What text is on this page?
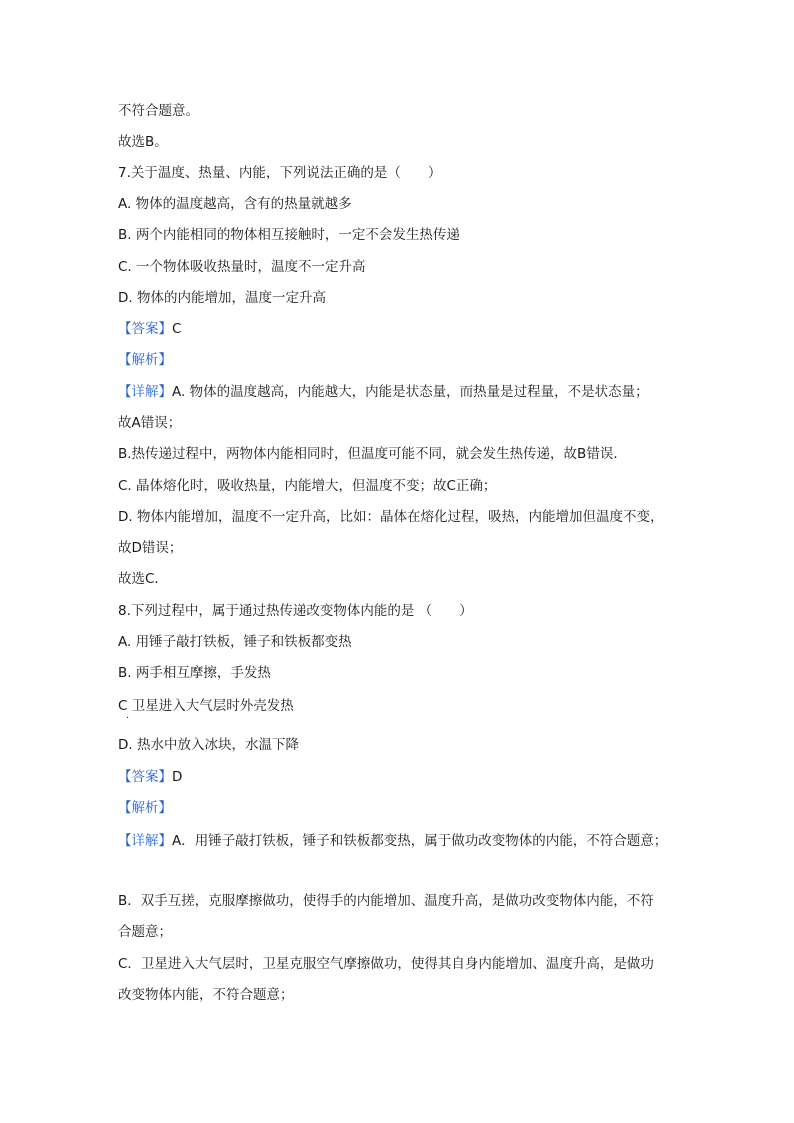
不符合题意。

故选B。

7.关于温度、热量、内能，下列说法正确的是（　　）

A. 物体的温度越高，含有的热量就越多

B. 两个内能相同的物体相互接触时，一定不会发生热传递

C. 一个物体吸收热量时，温度不一定升高

D. 物体的内能增加，温度一定升高

【答案】C

【解析】

【详解】A. 物体的温度越高，内能越大，内能是状态量，而热量是过程量，不是状态量；

故A错误；

B.热传递过程中，两物体内能相同时，但温度可能不同，就会发生热传递，故B错误．

C. 晶体熔化时，吸收热量，内能增大，但温度不变；故C正确；

D. 物体内能增加，温度不一定升高，比如：晶体在熔化过程，吸热，内能增加但温度不变，

故D错误；

故选C．

8.下列过程中，属于通过热传递改变物体内能的是 （　　）

A. 用锤子敲打铁板，锤子和铁板都变热

B. 两手相互摩擦，手发热

C 卫星进入大气层时外壳发热

·

D. 热水中放入冰块，水温下降

【答案】D

【解析】

【详解】A．用锤子敲打铁板，锤子和铁板都变热，属于做功改变物体的内能，不符合题意；

B．双手互搓，克服摩擦做功，使得手的内能增加、温度升高，是做功改变物体内能，不符

合题意；

C．卫星进入大气层时，卫星克服空气摩擦做功，使得其自身内能增加、温度升高，是做功

改变物体内能，不符合题意；
